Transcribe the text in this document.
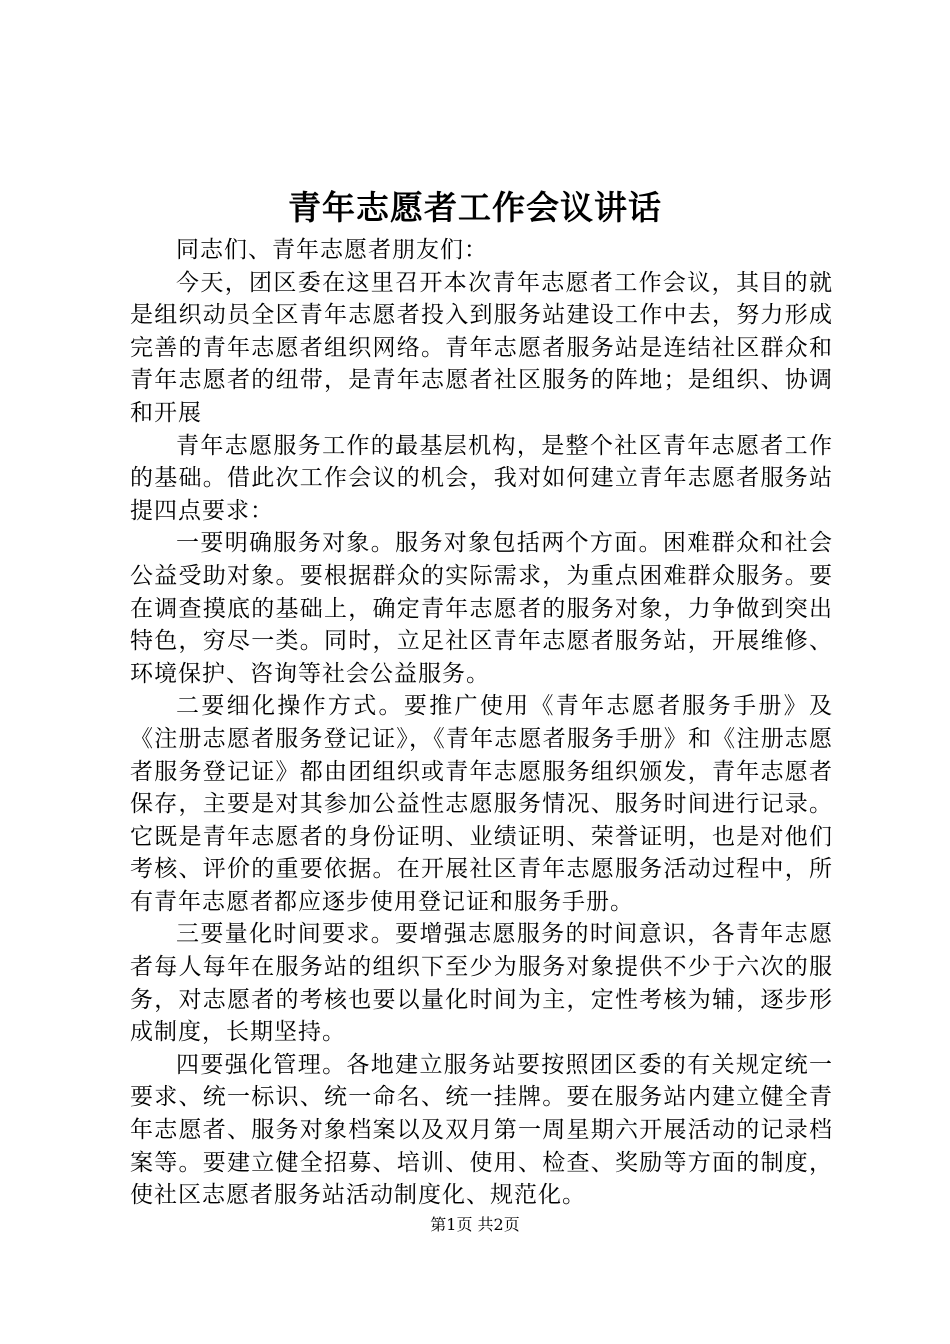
青年志愿者工作会议讲话

同志们、青年志愿者朋友们：

今天，团区委在这里召开本次青年志愿者工作会议，其目的就是组织动员全区青年志愿者投入到服务站建设工作中去，努力形成完善的青年志愿者组织网络。青年志愿者服务站是连结社区群众和青年志愿者的纽带，是青年志愿者社区服务的阵地；是组织、协调和开展

青年志愿服务工作的最基层机构，是整个社区青年志愿者工作的基础。借此次工作会议的机会，我对如何建立青年志愿者服务站提四点要求：

一要明确服务对象。服务对象包括两个方面。困难群众和社会公益受助对象。要根据群众的实际需求，为重点困难群众服务。要在调查摸底的基础上，确定青年志愿者的服务对象，力争做到突出特色，穷尽一类。同时，立足社区青年志愿者服务站，开展维修、环境保护、咨询等社会公益服务。

二要细化操作方式。要推广使用《青年志愿者服务手册》及《注册志愿者服务登记证》，《青年志愿者服务手册》和《注册志愿者服务登记证》都由团组织或青年志愿服务组织颁发，青年志愿者保存，主要是对其参加公益性志愿服务情况、服务时间进行记录。它既是青年志愿者的身份证明、业绩证明、荣誉证明，也是对他们考核、评价的重要依据。在开展社区青年志愿服务活动过程中，所有青年志愿者都应逐步使用登记证和服务手册。

三要量化时间要求。要增强志愿服务的时间意识，各青年志愿者每人每年在服务站的组织下至少为服务对象提供不少于六次的服务，对志愿者的考核也要以量化时间为主，定性考核为辅，逐步形成制度，长期坚持。

四要强化管理。各地建立服务站要按照团区委的有关规定统一要求、统一标识、统一命名、统一挂牌。要在服务站内建立健全青年志愿者、服务对象档案以及双月第一周星期六开展活动的记录档案等。要建立健全招募、培训、使用、检查、奖励等方面的制度，使社区志愿者服务站活动制度化、规范化。

第1页 共2页
